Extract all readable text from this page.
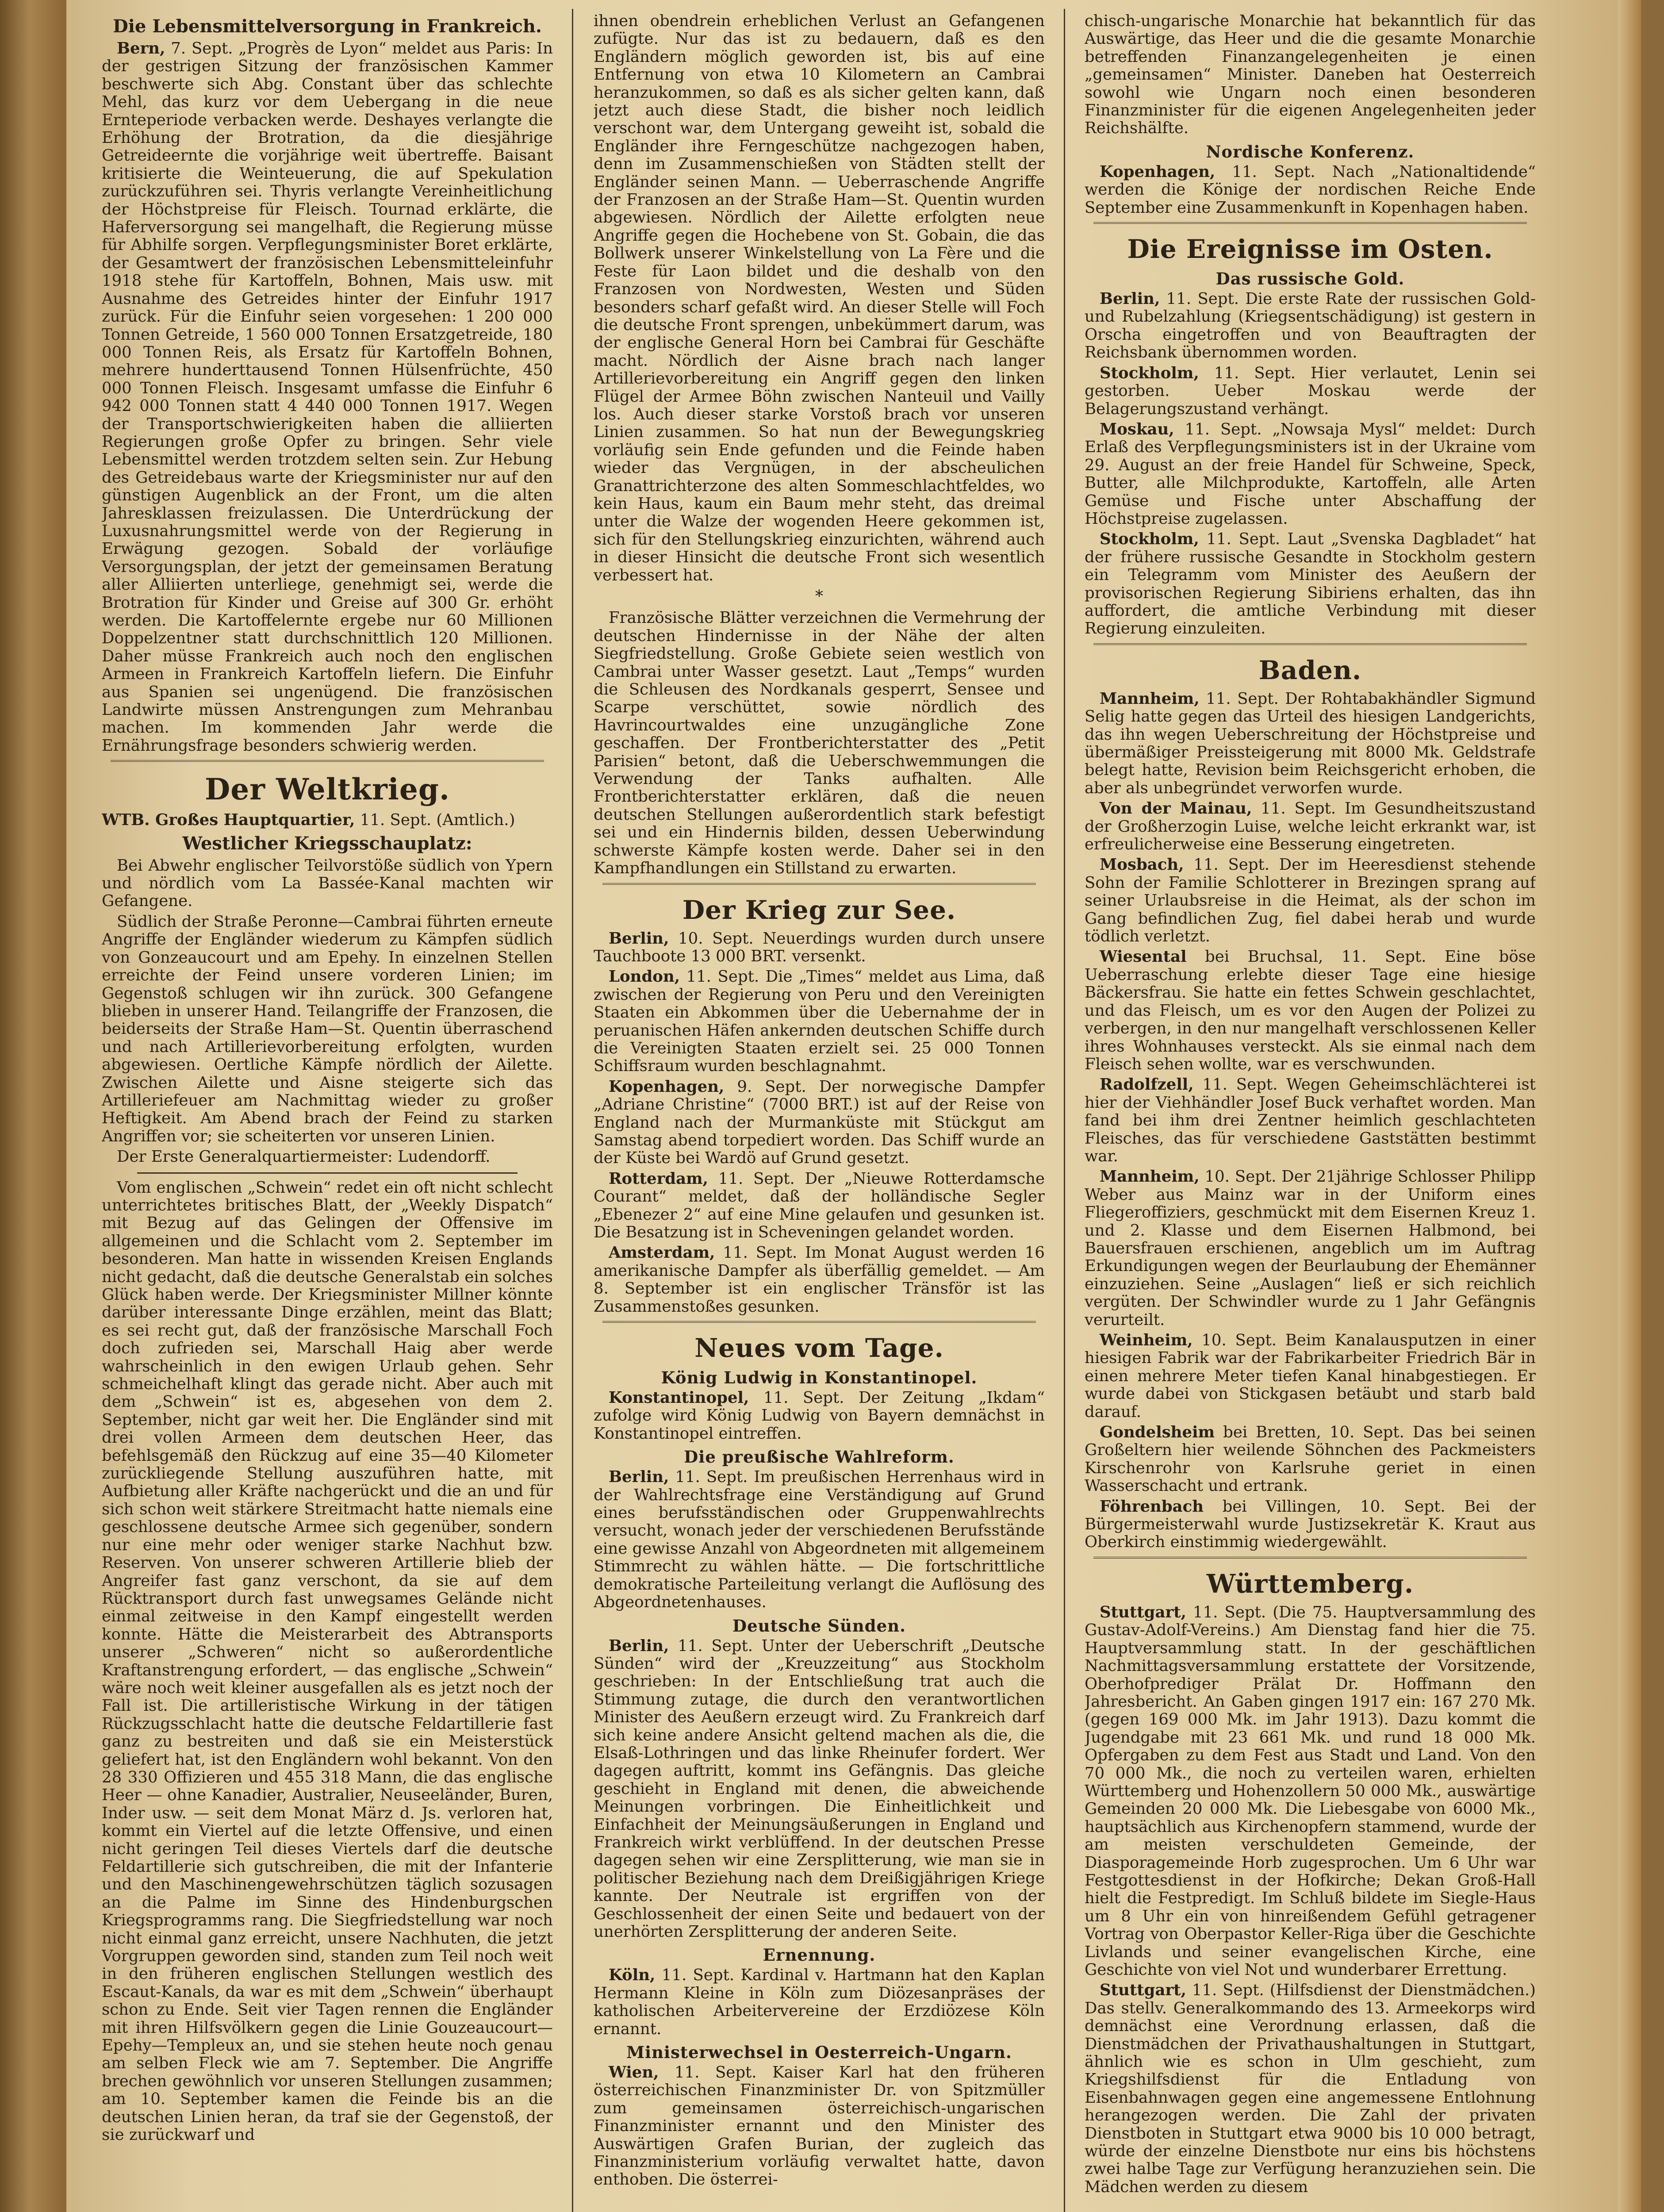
Die Lebensmittelversorgung in Frankreich.

Bern, 7. Sept. „Progrès de Lyon“ meldet aus Paris: In der gestrigen Sitzung der französischen Kammer beschwerte sich Abg. Constant über das schlechte Mehl, das kurz vor dem Uebergang in die neue Ernteperiode verbacken werde. Deshayes verlangte die Erhöhung der Brotration, da die diesjährige Getreideernte die vorjährige weit übertreffe. Baisant kritisierte die Weinteuerung, die auf Spekulation zurückzuführen sei. Thyris verlangte Vereinheitlichung der Höchstpreise für Fleisch. Tournad erklärte, die Haferversorgung sei mangelhaft, die Regierung müsse für Abhilfe sorgen. Verpflegungsminister Boret erklärte, der Gesamtwert der französischen Lebensmitteleinfuhr 1918 stehe für Kartoffeln, Bohnen, Mais usw. mit Ausnahme des Getreides hinter der Einfuhr 1917 zurück. Für die Einfuhr seien vorgesehen: 1 200 000 Tonnen Getreide, 1 560 000 Tonnen Ersatzgetreide, 180 000 Tonnen Reis, als Ersatz für Kartoffeln Bohnen, mehrere hunderttausend Tonnen Hülsenfrüchte, 450 000 Tonnen Fleisch. Insgesamt umfasse die Einfuhr 6 942 000 Tonnen statt 4 440 000 Tonnen 1917. Wegen der Transportschwierigkeiten haben die alliierten Regierungen große Opfer zu bringen. Sehr viele Lebensmittel werden trotzdem selten sein. Zur Hebung des Getreidebaus warte der Kriegsminister nur auf den günstigen Augenblick an der Front, um die alten Jahresklassen freizulassen. Die Unterdrückung der Luxusnahrungsmittel werde von der Regierung in Erwägung gezogen. Sobald der vorläufige Versorgungsplan, der jetzt der gemeinsamen Beratung aller Alliierten unterliege, genehmigt sei, werde die Brotration für Kinder und Greise auf 300 Gr. erhöht werden. Die Kartoffelernte ergebe nur 60 Millionen Doppelzentner statt durchschnittlich 120 Millionen. Daher müsse Frankreich auch noch den englischen Armeen in Frankreich Kartoffeln liefern. Die Einfuhr aus Spanien sei ungenügend. Die französischen Landwirte müssen Anstrengungen zum Mehranbau machen. Im kommenden Jahr werde die Ernährungsfrage besonders schwierig werden.

Der Weltkrieg.

WTB. Großes Hauptquartier, 11. Sept. (Amtlich.)

Westlicher Kriegsschauplatz:

Bei Abwehr englischer Teilvorstöße südlich von Ypern und nördlich vom La Bassée-Kanal machten wir Gefangene.

Südlich der Straße Peronne—Cambrai führten erneute Angriffe der Engländer wiederum zu Kämpfen südlich von Gonzeaucourt und am Epehy. In einzelnen Stellen erreichte der Feind unsere vorderen Linien; im Gegenstoß schlugen wir ihn zurück. 300 Gefangene blieben in unserer Hand. Teilangriffe der Franzosen, die beiderseits der Straße Ham—St. Quentin überraschend und nach Artillerievorbereitung erfolgten, wurden abgewiesen. Oertliche Kämpfe nördlich der Ailette. Zwischen Ailette und Aisne steigerte sich das Artilleriefeuer am Nachmittag wieder zu großer Heftigkeit. Am Abend brach der Feind zu starken Angriffen vor; sie scheiterten vor unseren Linien.

Der Erste Generalquartiermeister: Ludendorff.

Vom englischen „Schwein“ redet ein oft nicht schlecht unterrichtetes britisches Blatt, der „Weekly Dispatch“ mit Bezug auf das Gelingen der Offensive im allgemeinen und die Schlacht vom 2. September im besonderen. Man hatte in wissenden Kreisen Englands nicht gedacht, daß die deutsche Generalstab ein solches Glück haben werde. Der Kriegsminister Millner könnte darüber interessante Dinge erzählen, meint das Blatt; es sei recht gut, daß der französische Marschall Foch doch zufrieden sei, Marschall Haig aber werde wahrscheinlich in den ewigen Urlaub gehen. Sehr schmeichelhaft klingt das gerade nicht. Aber auch mit dem „Schwein“ ist es, abgesehen von dem 2. September, nicht gar weit her. Die Engländer sind mit drei vollen Armeen dem deutschen Heer, das befehlsgemäß den Rückzug auf eine 35—40 Kilometer zurückliegende Stellung auszuführen hatte, mit Aufbietung aller Kräfte nachgerückt und die an und für sich schon weit stärkere Streitmacht hatte niemals eine geschlossene deutsche Armee sich gegenüber, sondern nur eine mehr oder weniger starke Nachhut bzw. Reserven. Von unserer schweren Artillerie blieb der Angreifer fast ganz verschont, da sie auf dem Rücktransport durch fast unwegsames Gelände nicht einmal zeitweise in den Kampf eingestellt werden konnte. Hätte die Meisterarbeit des Abtransports unserer „Schweren“ nicht so außerordentliche Kraftanstrengung erfordert, — das englische „Schwein“ wäre noch weit kleiner ausgefallen als es jetzt noch der Fall ist. Die artilleristische Wirkung in der tätigen Rückzugsschlacht hatte die deutsche Feldartillerie fast ganz zu bestreiten und daß sie ein Meisterstück geliefert hat, ist den Engländern wohl bekannt. Von den 28 330 Offizieren und 455 318 Mann, die das englische Heer — ohne Kanadier, Australier, Neuseeländer, Buren, Inder usw. — seit dem Monat März d. Js. verloren hat, kommt ein Viertel auf die letzte Offensive, und einen nicht geringen Teil dieses Viertels darf die deutsche Feldartillerie sich gutschreiben, die mit der Infanterie und den Maschinengewehrschützen täglich sozusagen an die Palme im Sinne des Hindenburgschen Kriegsprogramms rang. Die Siegfriedstellung war noch nicht einmal ganz erreicht, unsere Nachhuten, die jetzt Vorgruppen geworden sind, standen zum Teil noch weit in den früheren englischen Stellungen westlich des Escaut-Kanals, da war es mit dem „Schwein“ überhaupt schon zu Ende. Seit vier Tagen rennen die Engländer mit ihren Hilfsvölkern gegen die Linie Gouzeaucourt—Epehy—Templeux an, und sie stehen heute noch genau am selben Fleck wie am 7. September. Die Angriffe brechen gewöhnlich vor unseren Stellungen zusammen; am 10. September kamen die Feinde bis an die deutschen Linien heran, da traf sie der Gegenstoß, der sie zurückwarf und

ihnen obendrein erheblichen Verlust an Gefangenen zufügte. Nur das ist zu bedauern, daß es den Engländern möglich geworden ist, bis auf eine Entfernung von etwa 10 Kilometern an Cambrai heranzukommen, so daß es als sicher gelten kann, daß jetzt auch diese Stadt, die bisher noch leidlich verschont war, dem Untergang geweiht ist, sobald die Engländer ihre Ferngeschütze nachgezogen haben, denn im Zusammenschießen von Städten stellt der Engländer seinen Mann. — Ueberraschende Angriffe der Franzosen an der Straße Ham—St. Quentin wurden abgewiesen. Nördlich der Ailette erfolgten neue Angriffe gegen die Hochebene von St. Gobain, die das Bollwerk unserer Winkelstellung von La Fère und die Feste für Laon bildet und die deshalb von den Franzosen von Nordwesten, Westen und Süden besonders scharf gefaßt wird. An dieser Stelle will Foch die deutsche Front sprengen, unbekümmert darum, was der englische General Horn bei Cambrai für Geschäfte macht. Nördlich der Aisne brach nach langer Artillerievorbereitung ein Angriff gegen den linken Flügel der Armee Böhn zwischen Nanteuil und Vailly los. Auch dieser starke Vorstoß brach vor unseren Linien zusammen. So hat nun der Bewegungskrieg vorläufig sein Ende gefunden und die Feinde haben wieder das Vergnügen, in der abscheulichen Granattrichterzone des alten Sommeschlachtfeldes, wo kein Haus, kaum ein Baum mehr steht, das dreimal unter die Walze der wogenden Heere gekommen ist, sich für den Stellungskrieg einzurichten, während auch in dieser Hinsicht die deutsche Front sich wesentlich verbessert hat.

*

Französische Blätter verzeichnen die Vermehrung der deutschen Hindernisse in der Nähe der alten Siegfriedstellung. Große Gebiete seien westlich von Cambrai unter Wasser gesetzt. Laut „Temps“ wurden die Schleusen des Nordkanals gesperrt, Sensee und Scarpe verschüttet, sowie nördlich des Havrincourtwaldes eine unzugängliche Zone geschaffen. Der Frontberichterstatter des „Petit Parisien“ betont, daß die Ueberschwemmungen die Verwendung der Tanks aufhalten. Alle Frontberichterstatter erklären, daß die neuen deutschen Stellungen außerordentlich stark befestigt sei und ein Hindernis bilden, dessen Ueberwindung schwerste Kämpfe kosten werde. Daher sei in den Kampfhandlungen ein Stillstand zu erwarten.

Der Krieg zur See.

Berlin, 10. Sept. Neuerdings wurden durch unsere Tauchboote 13 000 BRT. versenkt.

London, 11. Sept. Die „Times“ meldet aus Lima, daß zwischen der Regierung von Peru und den Vereinigten Staaten ein Abkommen über die Uebernahme der in peruanischen Häfen ankernden deutschen Schiffe durch die Vereinigten Staaten erzielt sei. 25 000 Tonnen Schiffsraum wurden beschlagnahmt.

Kopenhagen, 9. Sept. Der norwegische Dampfer „Adriane Christine“ (7000 BRT.) ist auf der Reise von England nach der Murmanküste mit Stückgut am Samstag abend torpediert worden. Das Schiff wurde an der Küste bei Wardö auf Grund gesetzt.

Rotterdam, 11. Sept. Der „Nieuwe Rotterdamsche Courant“ meldet, daß der holländische Segler „Ebenezer 2“ auf eine Mine gelaufen und gesunken ist. Die Besatzung ist in Scheveningen gelandet worden.

Amsterdam, 11. Sept. Im Monat August werden 16 amerikanische Dampfer als überfällig gemeldet. — Am 8. September ist ein englischer Tränsför ist las Zusammenstoßes gesunken.

Neues vom Tage.
König Ludwig in Konstantinopel.

Konstantinopel, 11. Sept. Der Zeitung „Ikdam“ zufolge wird König Ludwig von Bayern demnächst in Konstantinopel eintreffen.

Die preußische Wahlreform.

Berlin, 11. Sept. Im preußischen Herrenhaus wird in der Wahlrechtsfrage eine Verständigung auf Grund eines berufsständischen oder Gruppenwahlrechts versucht, wonach jeder der verschiedenen Berufsstände eine gewisse Anzahl von Abgeordneten mit allgemeinem Stimmrecht zu wählen hätte. — Die fortschrittliche demokratische Parteileitung verlangt die Auflösung des Abgeordnetenhauses.

Deutsche Sünden.

Berlin, 11. Sept. Unter der Ueberschrift „Deutsche Sünden“ wird der „Kreuzzeitung“ aus Stockholm geschrieben: In der Entschließung trat auch die Stimmung zutage, die durch den verantwortlichen Minister des Aeußern erzeugt wird. Zu Frankreich darf sich keine andere Ansicht geltend machen als die, die Elsaß-Lothringen und das linke Rheinufer fordert. Wer dagegen auftritt, kommt ins Gefängnis. Das gleiche geschieht in England mit denen, die abweichende Meinungen vorbringen. Die Einheitlichkeit und Einfachheit der Meinungsäußerungen in England und Frankreich wirkt verblüffend. In der deutschen Presse dagegen sehen wir eine Zersplitterung, wie man sie in politischer Beziehung nach dem Dreißigjährigen Kriege kannte. Der Neutrale ist ergriffen von der Geschlossenheit der einen Seite und bedauert von der unerhörten Zersplitterung der anderen Seite.

Ernennung.

Köln, 11. Sept. Kardinal v. Hartmann hat den Kaplan Hermann Kleine in Köln zum Diözesanpräses der katholischen Arbeitervereine der Erzdiözese Köln ernannt.

Ministerwechsel in Oesterreich-Ungarn.

Wien, 11. Sept. Kaiser Karl hat den früheren österreichischen Finanzminister Dr. von Spitzmüller zum gemeinsamen österreichisch-ungarischen Finanzminister ernannt und den Minister des Auswärtigen Grafen Burian, der zugleich das Finanzministerium vorläufig verwaltet hatte, davon enthoben. Die österrei-

chisch-ungarische Monarchie hat bekanntlich für das Auswärtige, das Heer und die die gesamte Monarchie betreffenden Finanzangelegenheiten je einen „gemeinsamen“ Minister. Daneben hat Oesterreich sowohl wie Ungarn noch einen besonderen Finanzminister für die eigenen Angelegenheiten jeder Reichshälfte.

Nordische Konferenz.

Kopenhagen, 11. Sept. Nach „Nationaltidende“ werden die Könige der nordischen Reiche Ende September eine Zusammenkunft in Kopenhagen haben.

Die Ereignisse im Osten.
Das russische Gold.

Berlin, 11. Sept. Die erste Rate der russischen Gold- und Rubelzahlung (Kriegsentschädigung) ist gestern in Orscha eingetroffen und von Beauftragten der Reichsbank übernommen worden.

Stockholm, 11. Sept. Hier verlautet, Lenin sei gestorben. Ueber Moskau werde der Belagerungszustand verhängt.

Moskau, 11. Sept. „Nowsaja Mysl“ meldet: Durch Erlaß des Verpflegungsministers ist in der Ukraine vom 29. August an der freie Handel für Schweine, Speck, Butter, alle Milchprodukte, Kartoffeln, alle Arten Gemüse und Fische unter Abschaffung der Höchstpreise zugelassen.

Stockholm, 11. Sept. Laut „Svenska Dagbladet“ hat der frühere russische Gesandte in Stockholm gestern ein Telegramm vom Minister des Aeußern der provisorischen Regierung Sibiriens erhalten, das ihn auffordert, die amtliche Verbindung mit dieser Regierung einzuleiten.

Baden.

Mannheim, 11. Sept. Der Rohtabakhändler Sigmund Selig hatte gegen das Urteil des hiesigen Landgerichts, das ihn wegen Ueberschreitung der Höchstpreise und übermäßiger Preissteigerung mit 8000 Mk. Geldstrafe belegt hatte, Revision beim Reichsgericht erhoben, die aber als unbegründet verworfen wurde.

Von der Mainau, 11. Sept. Im Gesundheitszustand der Großherzogin Luise, welche leicht erkrankt war, ist erfreulicherweise eine Besserung eingetreten.

Mosbach, 11. Sept. Der im Heeresdienst stehende Sohn der Familie Schlotterer in Brezingen sprang auf seiner Urlaubsreise in die Heimat, als der schon im Gang befindlichen Zug, fiel dabei herab und wurde tödlich verletzt.

Wiesental bei Bruchsal, 11. Sept. Eine böse Ueberraschung erlebte dieser Tage eine hiesige Bäckersfrau. Sie hatte ein fettes Schwein geschlachtet, und das Fleisch, um es vor den Augen der Polizei zu verbergen, in den nur mangelhaft verschlossenen Keller ihres Wohnhauses versteckt. Als sie einmal nach dem Fleisch sehen wollte, war es verschwunden.

Radolfzell, 11. Sept. Wegen Geheimschlächterei ist hier der Viehhändler Josef Buck verhaftet worden. Man fand bei ihm drei Zentner heimlich geschlachteten Fleisches, das für verschiedene Gaststätten bestimmt war.

Mannheim, 10. Sept. Der 21jährige Schlosser Philipp Weber aus Mainz war in der Uniform eines Fliegeroffiziers, geschmückt mit dem Eisernen Kreuz 1. und 2. Klasse und dem Eisernen Halbmond, bei Bauersfrauen erschienen, angeblich um im Auftrag Erkundigungen wegen der Beurlaubung der Ehemänner einzuziehen. Seine „Auslagen“ ließ er sich reichlich vergüten. Der Schwindler wurde zu 1 Jahr Gefängnis verurteilt.

Weinheim, 10. Sept. Beim Kanalausputzen in einer hiesigen Fabrik war der Fabrikarbeiter Friedrich Bär in einen mehrere Meter tiefen Kanal hinabgestiegen. Er wurde dabei von Stickgasen betäubt und starb bald darauf.

Gondelsheim bei Bretten, 10. Sept. Das bei seinen Großeltern hier weilende Söhnchen des Packmeisters Kirschenrohr von Karlsruhe geriet in einen Wasserschacht und ertrank.

Föhrenbach bei Villingen, 10. Sept. Bei der Bürgermeisterwahl wurde Justizsekretär K. Kraut aus Oberkirch einstimmig wiedergewählt.

Württemberg.

Stuttgart, 11. Sept. (Die 75. Hauptversammlung des Gustav-Adolf-Vereins.) Am Dienstag fand hier die 75. Hauptversammlung statt. In der geschäftlichen Nachmittagsversammlung erstattete der Vorsitzende, Oberhofprediger Prälat Dr. Hoffmann den Jahresbericht. An Gaben gingen 1917 ein: 167 270 Mk. (gegen 169 000 Mk. im Jahr 1913). Dazu kommt die Jugendgabe mit 23 661 Mk. und rund 18 000 Mk. Opfergaben zu dem Fest aus Stadt und Land. Von den 70 000 Mk., die noch zu verteilen waren, erhielten Württemberg und Hohenzollern 50 000 Mk., auswärtige Gemeinden 20 000 Mk. Die Liebesgabe von 6000 Mk., hauptsächlich aus Kirchenopfern stammend, wurde der am meisten verschuldeten Gemeinde, der Diasporagemeinde Horb zugesprochen. Um 6 Uhr war Festgottesdienst in der Hofkirche; Dekan Groß-Hall hielt die Festpredigt. Im Schluß bildete im Siegle-Haus um 8 Uhr ein von hinreißendem Gefühl getragener Vortrag von Oberpastor Keller-Riga über die Geschichte Livlands und seiner evangelischen Kirche, eine Geschichte von viel Not und wunderbarer Errettung.

Stuttgart, 11. Sept. (Hilfsdienst der Dienstmädchen.) Das stellv. Generalkommando des 13. Armeekorps wird demnächst eine Verordnung erlassen, daß die Dienstmädchen der Privathaushaltungen in Stuttgart, ähnlich wie es schon in Ulm geschieht, zum Kriegshilfsdienst für die Entladung von Eisenbahnwagen gegen eine angemessene Entlohnung herangezogen werden. Die Zahl der privaten Dienstboten in Stuttgart etwa 9000 bis 10 000 betragt, würde der einzelne Dienstbote nur eins bis höchstens zwei halbe Tage zur Verfügung heranzuziehen sein. Die Mädchen werden zu diesem
